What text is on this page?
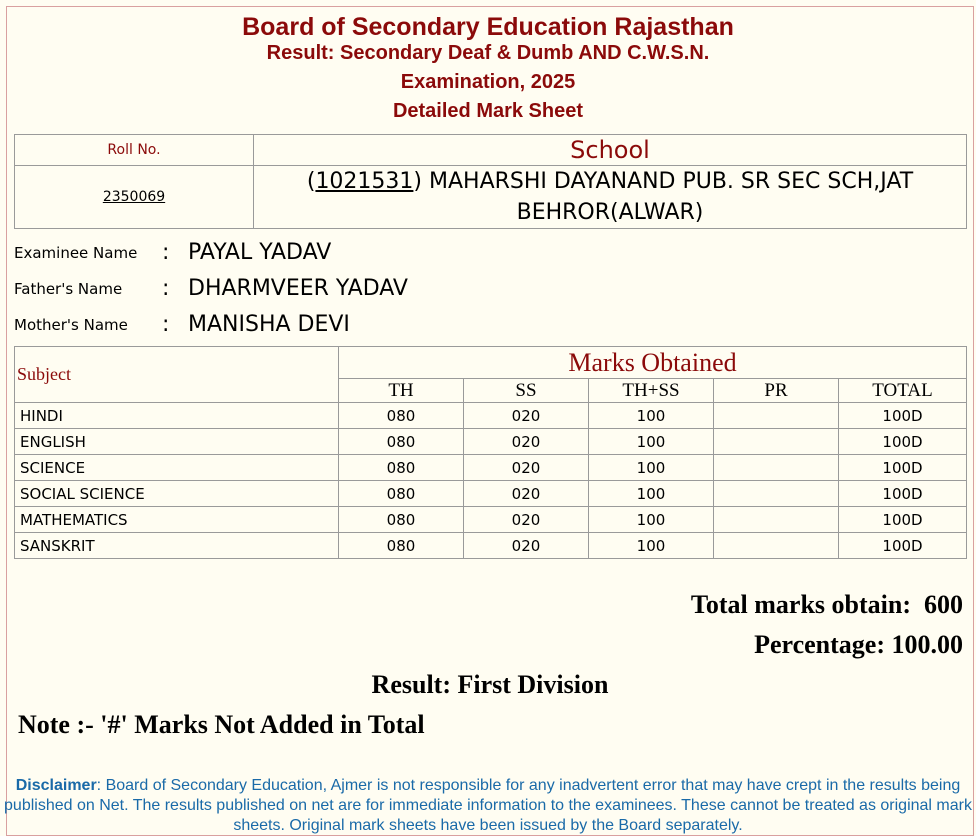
Board of Secondary Education Rajasthan
Result: Secondary Deaf & Dumb AND C.W.S.N.
Examination, 2025
Detailed Mark Sheet
Roll No.	School
2350069	(1021531) MAHARSHI DAYANAND PUB. SR SEC SCH,JAT BEHROR(ALWAR)
Examinee Name : PAYAL YADAV
Father's Name : DHARMVEER YADAV
Mother's Name : MANISHA DEVI
Subject	Marks Obtained				
	TH	SS	TH+SS	PR	TOTAL
HINDI	080	020	100		100D
ENGLISH	080	020	100		100D
SCIENCE	080	020	100		100D
SOCIAL SCIENCE	080	020	100		100D
MATHEMATICS	080	020	100		100D
SANSKRIT	080	020	100		100D
Total marks obtain:  600
Percentage: 100.00
Result: First Division
Note :- '#' Marks Not Added in Total
Disclaimer: Board of Secondary Education, Ajmer is not responsible for any inadvertent error that may have crept in the results being published on Net. The results published on net are for immediate information to the examinees. These cannot be treated as original mark sheets. Original mark sheets have been issued by the Board separately.
